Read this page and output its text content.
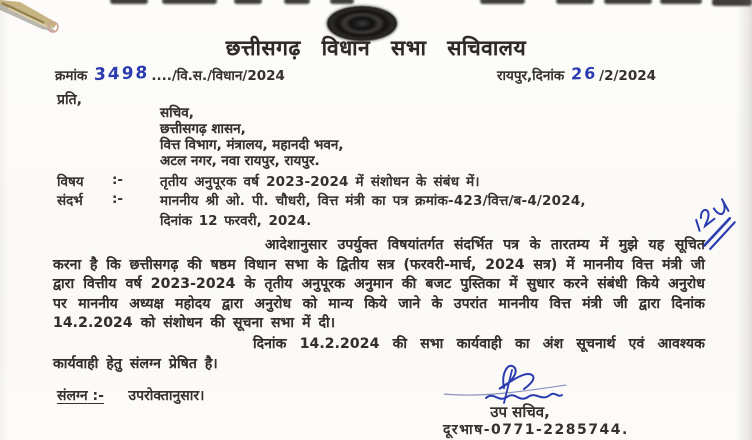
छत्तीसगढ़ विधान सभा सचिवालय
क्रमांक 3498 ..../वि.स./विधान/2024	रायपुर,दिनांक 26 /2/2024
प्रति,
सचिव,
छत्तीसगढ़ शासन,
वित्त विभाग, मंत्रालय, महानदी भवन,
अटल नगर, नवा रायपुर, रायपुर.
विषय	:-	तृतीय अनुपूरक वर्ष 2023-2024 में संशोधन के संबंध में।
संदर्भ	:-	माननीय श्री ओ. पी. चौधरी, वित्त मंत्री का पत्र क्रमांक-423/वित्त/ब-4/2024,
दिनांक 12 फरवरी, 2024.
आदेशानुसार उपर्युक्त विषयांतर्गत संदर्भित पत्र के तारतम्य में मुझे यह सूचित करना है कि छत्तीसगढ़ की षष्ठम विधान सभा के द्वितीय सत्र (फरवरी-मार्च, 2024 सत्र) में माननीय वित्त मंत्री जी द्वारा वित्तीय वर्ष 2023-2024 के तृतीय अनुपूरक अनुमान की बजट पुस्तिका में सुधार करने संबंधी किये अनुरोध पर माननीय अध्यक्ष महोदय द्वारा अनुरोध को मान्य किये जाने के उपरांत माननीय वित्त मंत्री जी द्वारा दिनांक 14.2.2024 को संशोधन की सूचना सभा में दी।
दिनांक 14.2.2024 की सभा कार्यवाही का अंश सूचनार्थ एवं आवश्यक कार्यवाही हेतु संलग्न प्रेषित है।
संलग्न :- उपरोक्तानुसार।
उप सचिव,
दूरभाष-0771-2285744.
